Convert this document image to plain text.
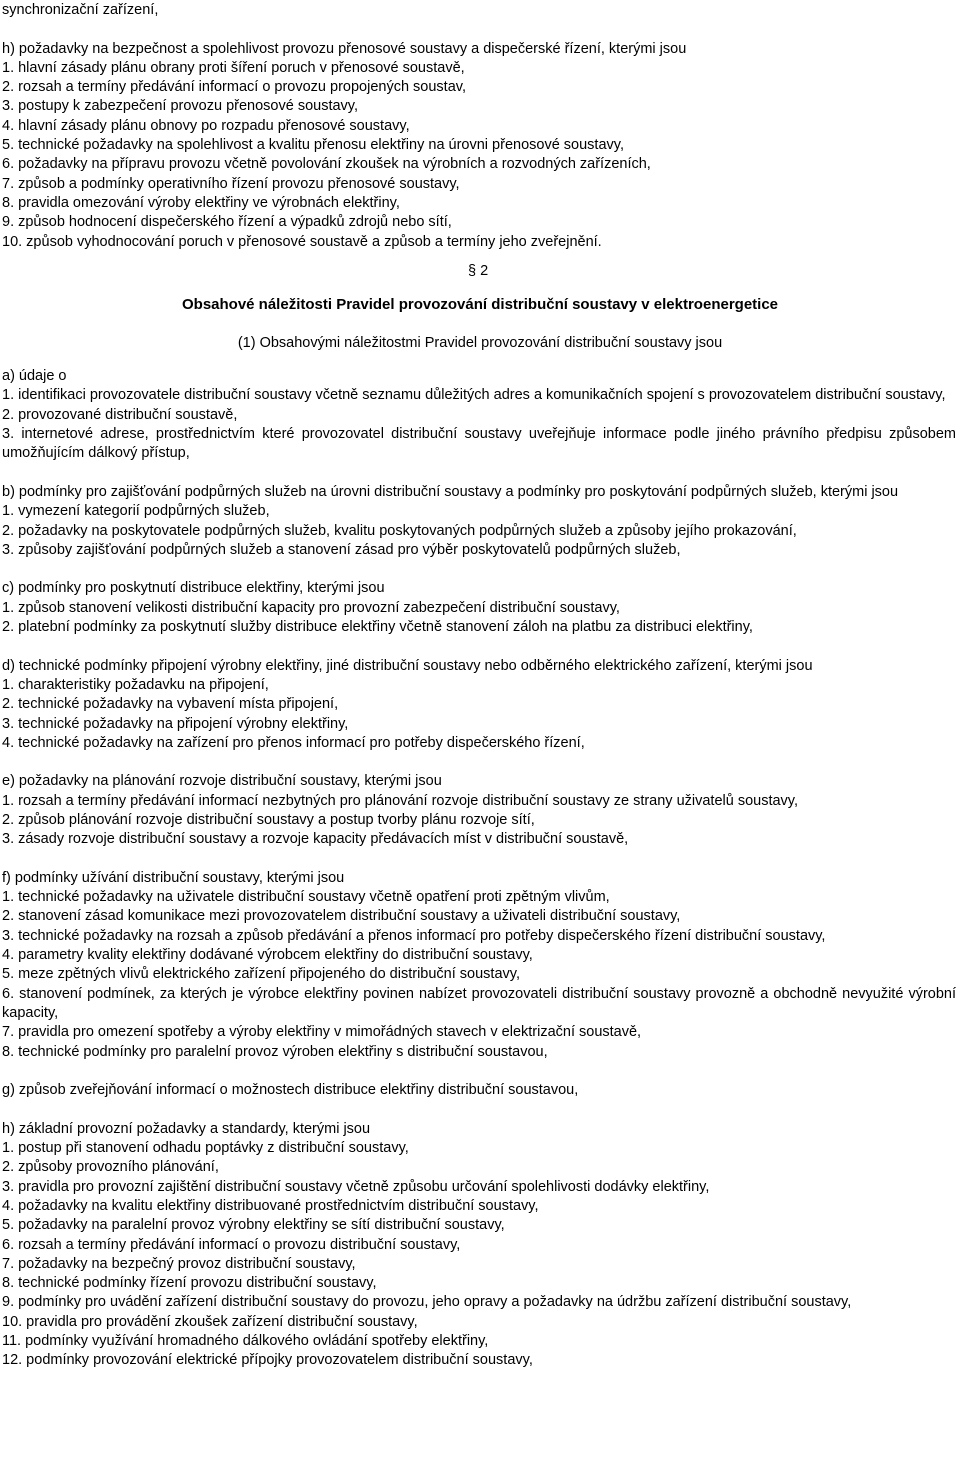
synchronizační zařízení,
h) požadavky na bezpečnost a spolehlivost provozu přenosové soustavy a dispečerské řízení, kterými jsou
1. hlavní zásady plánu obrany proti šíření poruch v přenosové soustavě,
2. rozsah a termíny předávání informací o provozu propojených soustav,
3. postupy k zabezpečení provozu přenosové soustavy,
4. hlavní zásady plánu obnovy po rozpadu přenosové soustavy,
5. technické požadavky na spolehlivost a kvalitu přenosu elektřiny na úrovni přenosové soustavy,
6. požadavky na přípravu provozu včetně povolování zkoušek na výrobních a rozvodných zařízeních,
7. způsob a podmínky operativního řízení provozu přenosové soustavy,
8. pravidla omezování výroby elektřiny ve výrobnách elektřiny,
9. způsob hodnocení dispečerského řízení a výpadků zdrojů nebo sítí,
10. způsob vyhodnocování poruch v přenosové soustavě a způsob a termíny jeho zveřejnění.
§ 2
Obsahové náležitosti Pravidel provozování distribuční soustavy v elektroenergetice
(1) Obsahovými náležitostmi Pravidel provozování distribuční soustavy jsou
a) údaje o
1. identifikaci provozovatele distribuční soustavy včetně seznamu důležitých adres a komunikačních spojení s provozovatelem distribuční soustavy,
2. provozované distribuční soustavě,
3. internetové adrese, prostřednictvím které provozovatel distribuční soustavy uveřejňuje informace podle jiného právního předpisu způsobem umožňujícím dálkový přístup,
b) podmínky pro zajišťování podpůrných služeb na úrovni distribuční soustavy a podmínky pro poskytování podpůrných služeb, kterými jsou
1. vymezení kategorií podpůrných služeb,
2. požadavky na poskytovatele podpůrných služeb, kvalitu poskytovaných podpůrných služeb a způsoby jejího prokazování,
3. způsoby zajišťování podpůrných služeb a stanovení zásad pro výběr poskytovatelů podpůrných služeb,
c) podmínky pro poskytnutí distribuce elektřiny, kterými jsou
1. způsob stanovení velikosti distribuční kapacity pro provozní zabezpečení distribuční soustavy,
2. platební podmínky za poskytnutí služby distribuce elektřiny včetně stanovení záloh na platbu za distribuci elektřiny,
d) technické podmínky připojení výrobny elektřiny, jiné distribuční soustavy nebo odběrného elektrického zařízení, kterými jsou
1. charakteristiky požadavku na připojení,
2. technické požadavky na vybavení místa připojení,
3. technické požadavky na připojení výrobny elektřiny,
4. technické požadavky na zařízení pro přenos informací pro potřeby dispečerského řízení,
e) požadavky na plánování rozvoje distribuční soustavy, kterými jsou
1. rozsah a termíny předávání informací nezbytných pro plánování rozvoje distribuční soustavy ze strany uživatelů soustavy,
2. způsob plánování rozvoje distribuční soustavy a postup tvorby plánu rozvoje sítí,
3. zásady rozvoje distribuční soustavy a rozvoje kapacity předávacích míst v distribuční soustavě,
f) podmínky užívání distribuční soustavy, kterými jsou
1. technické požadavky na uživatele distribuční soustavy včetně opatření proti zpětným vlivům,
2. stanovení zásad komunikace mezi provozovatelem distribuční soustavy a uživateli distribuční soustavy,
3. technické požadavky na rozsah a způsob předávání a přenos informací pro potřeby dispečerského řízení distribuční soustavy,
4. parametry kvality elektřiny dodávané výrobcem elektřiny do distribuční soustavy,
5. meze zpětných vlivů elektrického zařízení připojeného do distribuční soustavy,
6. stanovení podmínek, za kterých je výrobce elektřiny povinen nabízet provozovateli distribuční soustavy provozně a obchodně nevyužité výrobní kapacity,
7. pravidla pro omezení spotřeby a výroby elektřiny v mimořádných stavech v elektrizační soustavě,
8. technické podmínky pro paralelní provoz výroben elektřiny s distribuční soustavou,
g) způsob zveřejňování informací o možnostech distribuce elektřiny distribuční soustavou,
h) základní provozní požadavky a standardy, kterými jsou
1. postup při stanovení odhadu poptávky z distribuční soustavy,
2. způsoby provozního plánování,
3. pravidla pro provozní zajištění distribuční soustavy včetně způsobu určování spolehlivosti dodávky elektřiny,
4. požadavky na kvalitu elektřiny distribuované prostřednictvím distribuční soustavy,
5. požadavky na paralelní provoz výrobny elektřiny se sítí distribuční soustavy,
6. rozsah a termíny předávání informací o provozu distribuční soustavy,
7. požadavky na bezpečný provoz distribuční soustavy,
8. technické podmínky řízení provozu distribuční soustavy,
9. podmínky pro uvádění zařízení distribuční soustavy do provozu, jeho opravy a požadavky na údržbu zařízení distribuční soustavy,
10. pravidla pro provádění zkoušek zařízení distribuční soustavy,
11. podmínky využívání hromadného dálkového ovládání spotřeby elektřiny,
12. podmínky provozování elektrické přípojky provozovatelem distribuční soustavy,
